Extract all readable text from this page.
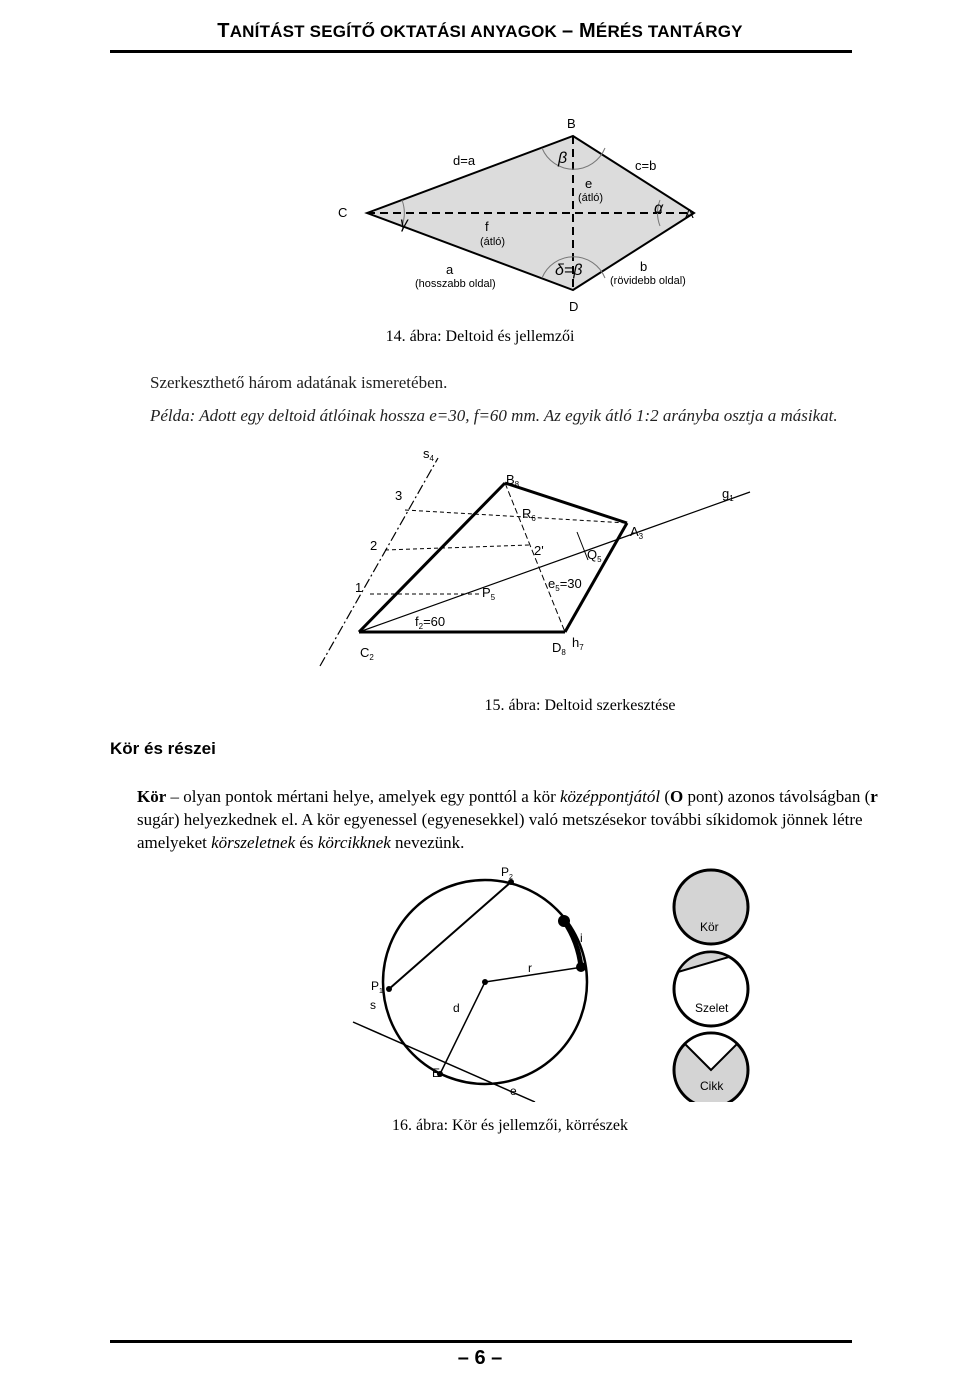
TANÍTÁST SEGÍTŐ OKTATÁSI ANYAGOK – MÉRÉS TANTÁRGY
B
C	A
D
d=a	c=b
β
γ
α
δ=β
e
(átló)
f
(átló)
a
(hosszabb oldal)
b
(rövidebb oldal)
14. ábra: Deltoid és jellemzői
Szerkeszthető három adatának ismeretében.
Példa: Adott egy deltoid átlóinak hossza e=30, f=60 mm. Az egyik átló 1:2 arányba osztja a másikat.
$s_4$
3
2
1
$B_8$
$R_6$
$g_1$
$A_3$
2'	$Q_5$
$e_5=30$
$P_5$
$f_2=60$
$C_2$
$D_8$
$h_7$
15. ábra: Deltoid szerkesztése
Kör és részei
Kör – olyan pontok mértani helye, amelyek egy ponttól a kör középpontjától (O pont) azonos távolságban (r sugár) helyezkednek el. A kör egyenessel (egyenesekkel) való metszésekor további síkidomok jönnek létre amelyeket körszeletnek és körcikknek nevezünk.
$P_2$
i
r
$P_1$
s	d
E
e
Kör
Szelet
Cikk
16. ábra: Kör és jellemzői, körrészek
– 6 –
